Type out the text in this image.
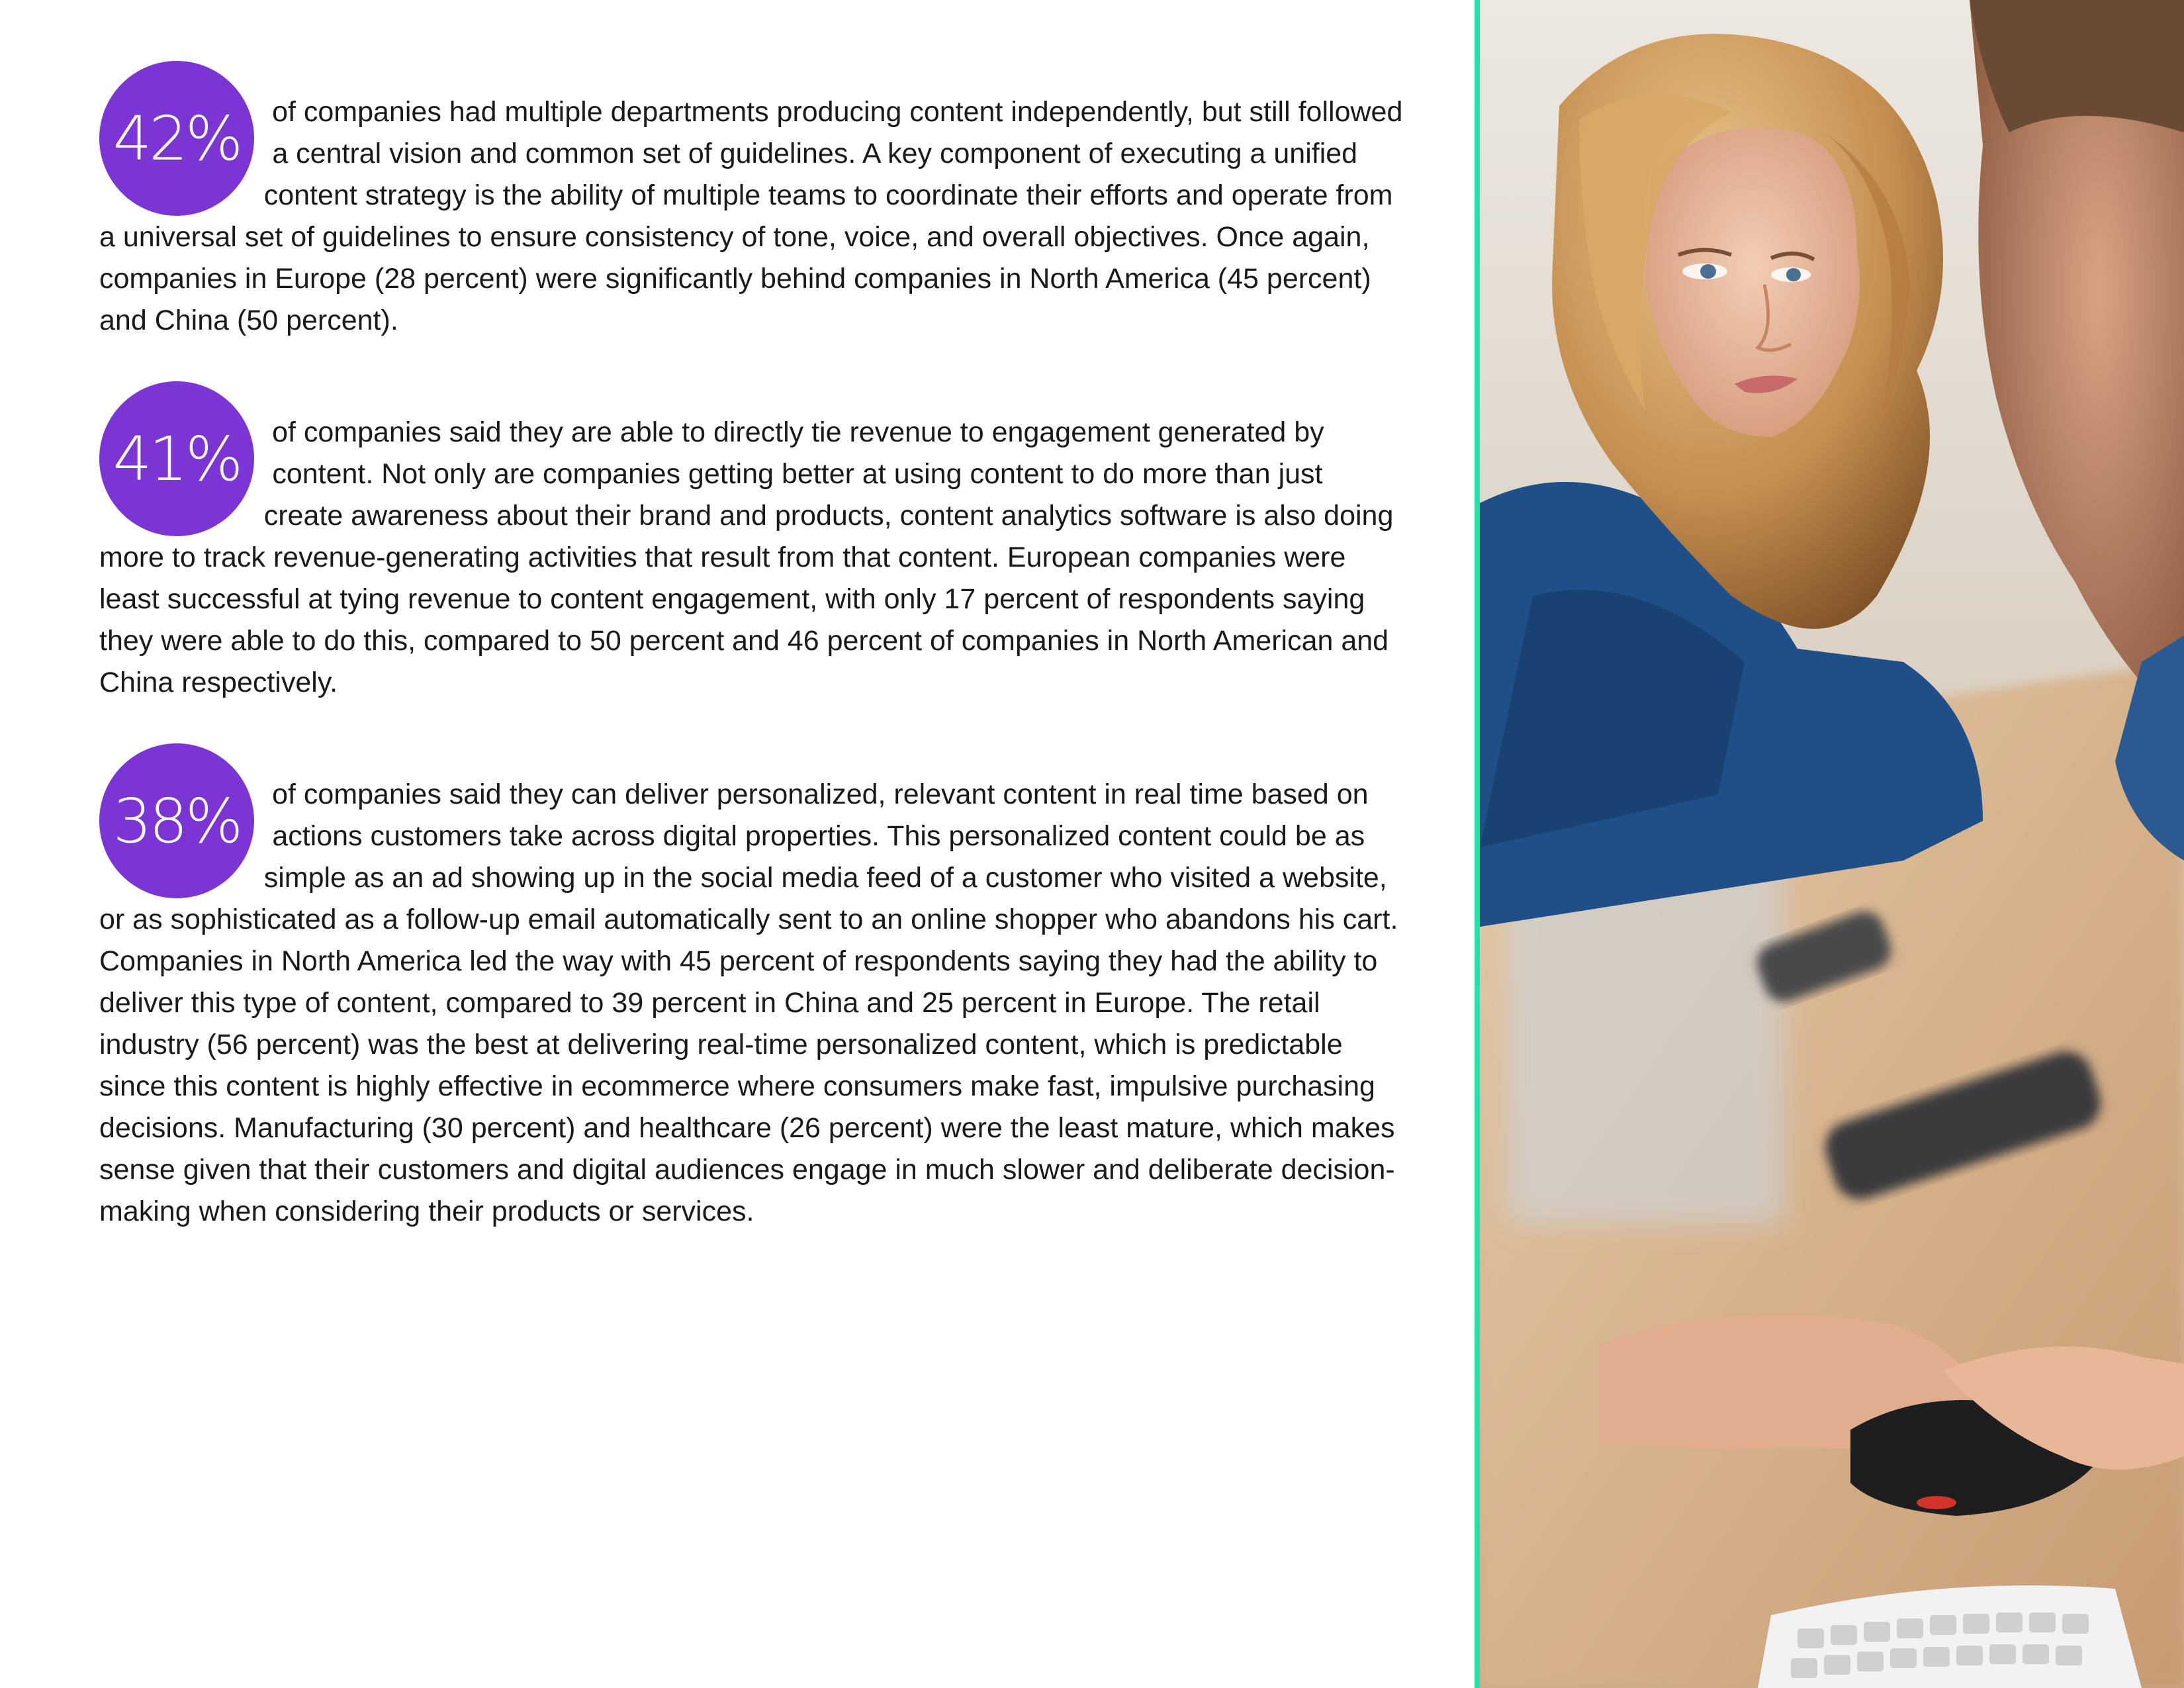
42%	of companies had multiple departments producing content independently, but still followed a central vision and common set of guidelines. A key component of executing a unified content strategy is the ability of multiple teams to coordinate their efforts and operate from a universal set of guidelines to ensure consistency of tone, voice, and overall objectives. Once again, companies in Europe (28 percent) were significantly behind companies in North America (45 percent) and China (50 percent).

41%	of companies said they are able to directly tie revenue to engagement generated by content. Not only are companies getting better at using content to do more than just create awareness about their brand and products, content analytics software is also doing more to track revenue-generating activities that result from that content. European companies were least successful at tying revenue to content engagement, with only 17 percent of respondents saying they were able to do this, compared to 50 percent and 46 percent of companies in North American and China respectively.

38%	of companies said they can deliver personalized, relevant content in real time based on actions customers take across digital properties. This personalized content could be as simple as an ad showing up in the social media feed of a customer who visited a website, or as sophisticated as a follow-up email automatically sent to an online shopper who abandons his cart. Companies in North America led the way with 45 percent of respondents saying they had the ability to deliver this type of content, compared to 39 percent in China and 25 percent in Europe. The retail industry (56 percent) was the best at delivering real-time personalized content, which is predictable since this content is highly effective in ecommerce where consumers make fast, impulsive purchasing decisions. Manufacturing (30 percent) and healthcare (26 percent) were the least mature, which makes sense given that their customers and digital audiences engage in much slower and deliberate decision-making when considering their products or services.
